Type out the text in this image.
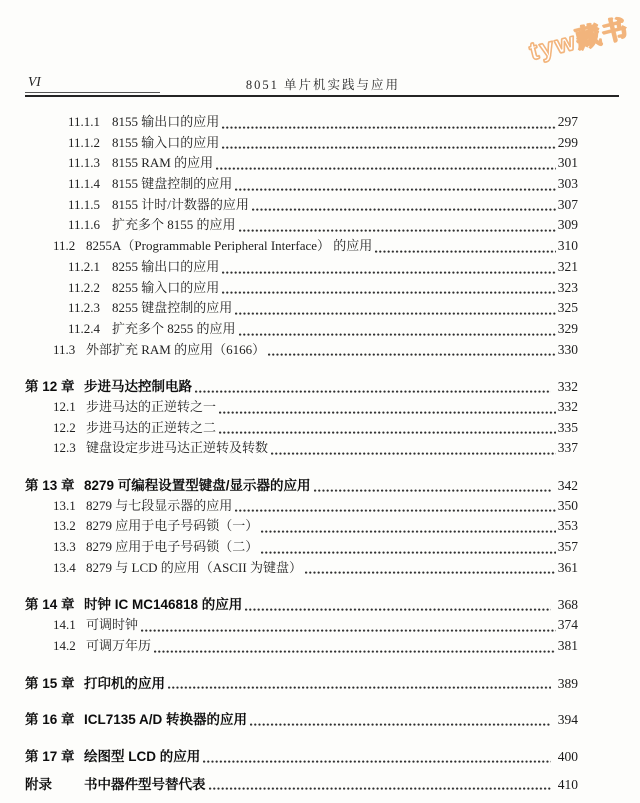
tyw藏书
VI	8051 单片机实践与应用
11.1.1 8155 输出口的应用	297
11.1.2 8155 输入口的应用	299
11.1.3 8155 RAM 的应用	301
11.1.4 8155 键盘控制的应用	303
11.1.5 8155 计时/计数器的应用	307
11.1.6 扩充多个 8155 的应用	309
11.2 8255A（Programmable Peripheral Interface） 的应用	310
11.2.1 8255 输出口的应用	321
11.2.2 8255 输入口的应用	323
11.2.3 8255 键盘控制的应用	325
11.2.4 扩充多个 8255 的应用	329
11.3 外部扩充 RAM 的应用（6166）	330
第 12 章 步进马达控制电路	332
12.1 步进马达的正逆转之一	332
12.2 步进马达的正逆转之二	335
12.3 键盘设定步进马达正逆转及转数	337
第 13 章 8279 可编程设置型键盘/显示器的应用	342
13.1 8279 与七段显示器的应用	350
13.2 8279 应用于电子号码锁（一）	353
13.3 8279 应用于电子号码锁（二）	357
13.4 8279 与 LCD 的应用（ASCII 为键盘）	361
第 14 章 时钟 IC MC146818 的应用	368
14.1 可调时钟	374
14.2 可调万年历	381
第 15 章 打印机的应用	389
第 16 章 ICL7135 A/D 转换器的应用	394
第 17 章 绘图型 LCD 的应用	400
附录	书中器件型号替代表	410
